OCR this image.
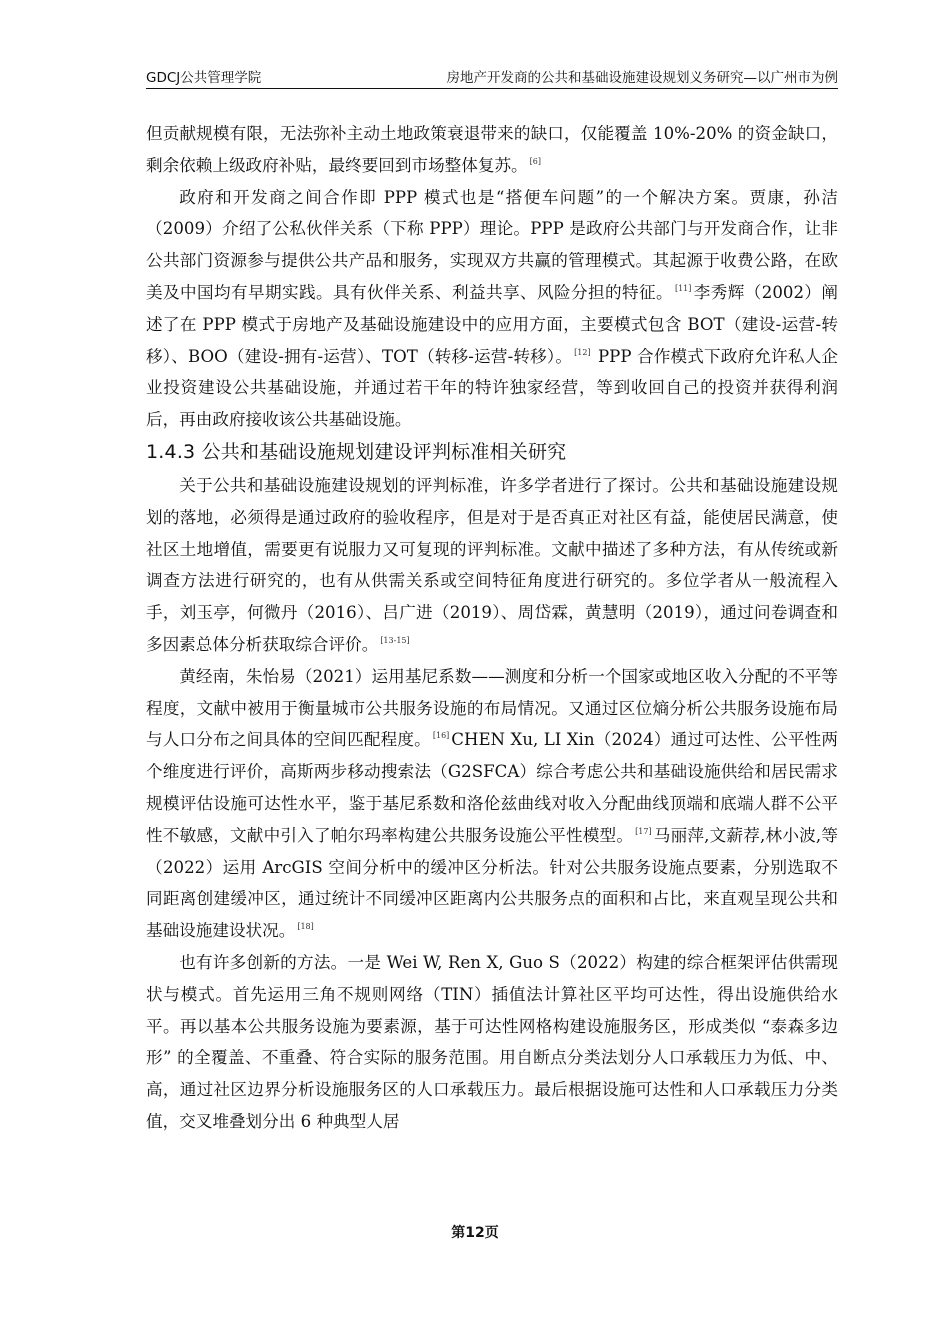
GDCJ公共管理学院	房地产开发商的公共和基础设施建设规划义务研究—以广州市为例

但贡献规模有限，无法弥补主动土地政策衰退带来的缺口，仅能覆盖 10%-20% 的资金缺口，剩余依赖上级政府补贴，最终要回到市场整体复苏。 [6]

政府和开发商之间合作即 PPP 模式也是“搭便车问题”的一个解决方案。贾康，孙洁（2009）介绍了公私伙伴关系（下称 PPP）理论。PPP 是政府公共部门与开发商合作，让非公共部门资源参与提供公共产品和服务，实现双方共赢的管理模式。其起源于收费公路，在欧美及中国均有早期实践。具有伙伴关系、利益共享、风险分担的特征。 [11] 李秀辉（2002）阐述了在 PPP 模式于房地产及基础设施建设中的应用方面，主要模式包含 BOT（建设-运营-转移）、BOO（建设-拥有-运营）、TOT（转移-运营-转移）。 [12] PPP 合作模式下政府允许私人企业投资建设公共基础设施，并通过若干年的特许独家经营，等到收回自己的投资并获得利润后，再由政府接收该公共基础设施。

1.4.3 公共和基础设施规划建设评判标准相关研究

关于公共和基础设施建设规划的评判标准，许多学者进行了探讨。公共和基础设施建设规划的落地，必须得是通过政府的验收程序，但是对于是否真正对社区有益，能使居民满意，使社区土地增值，需要更有说服力又可复现的评判标准。文献中描述了多种方法，有从传统或新调查方法进行研究的，也有从供需关系或空间特征角度进行研究的。多位学者从一般流程入手，刘玉亭，何微丹（2016）、吕广进（2019）、周岱霖，黄慧明（2019），通过问卷调查和多因素总体分析获取综合评价。 [13-15]

黄经南，朱怡易（2021）运用基尼系数——测度和分析一个国家或地区收入分配的不平等程度，文献中被用于衡量城市公共服务设施的布局情况。又通过区位熵分析公共服务设施布局与人口分布之间具体的空间匹配程度。 [16] CHEN Xu, LI Xin（2024）通过可达性、公平性两个维度进行评价，高斯两步移动搜索法（G2SFCA）综合考虑公共和基础设施供给和居民需求规模评估设施可达性水平，鉴于基尼系数和洛伦兹曲线对收入分配曲线顶端和底端人群不公平性不敏感，文献中引入了帕尔玛率构建公共服务设施公平性模型。 [17] 马丽萍,文薪荐,林小波,等（2022）运用 ArcGIS 空间分析中的缓冲区分析法。针对公共服务设施点要素，分别选取不同距离创建缓冲区，通过统计不同缓冲区距离内公共服务点的面积和占比，来直观呈现公共和基础设施建设状况。 [18]

也有许多创新的方法。一是 Wei W, Ren X, Guo S（2022）构建的综合框架评估供需现状与模式。首先运用三角不规则网络（TIN）插值法计算社区平均可达性，得出设施供给水平。再以基本公共服务设施为要素源，基于可达性网格构建设施服务区，形成类似 “泰森多边形” 的全覆盖、不重叠、符合实际的服务范围。用自断点分类法划分人口承载压力为低、中、高，通过社区边界分析设施服务区的人口承载压力。最后根据设施可达性和人口承载压力分类值，交叉堆叠划分出 6 种典型人居

第12页
